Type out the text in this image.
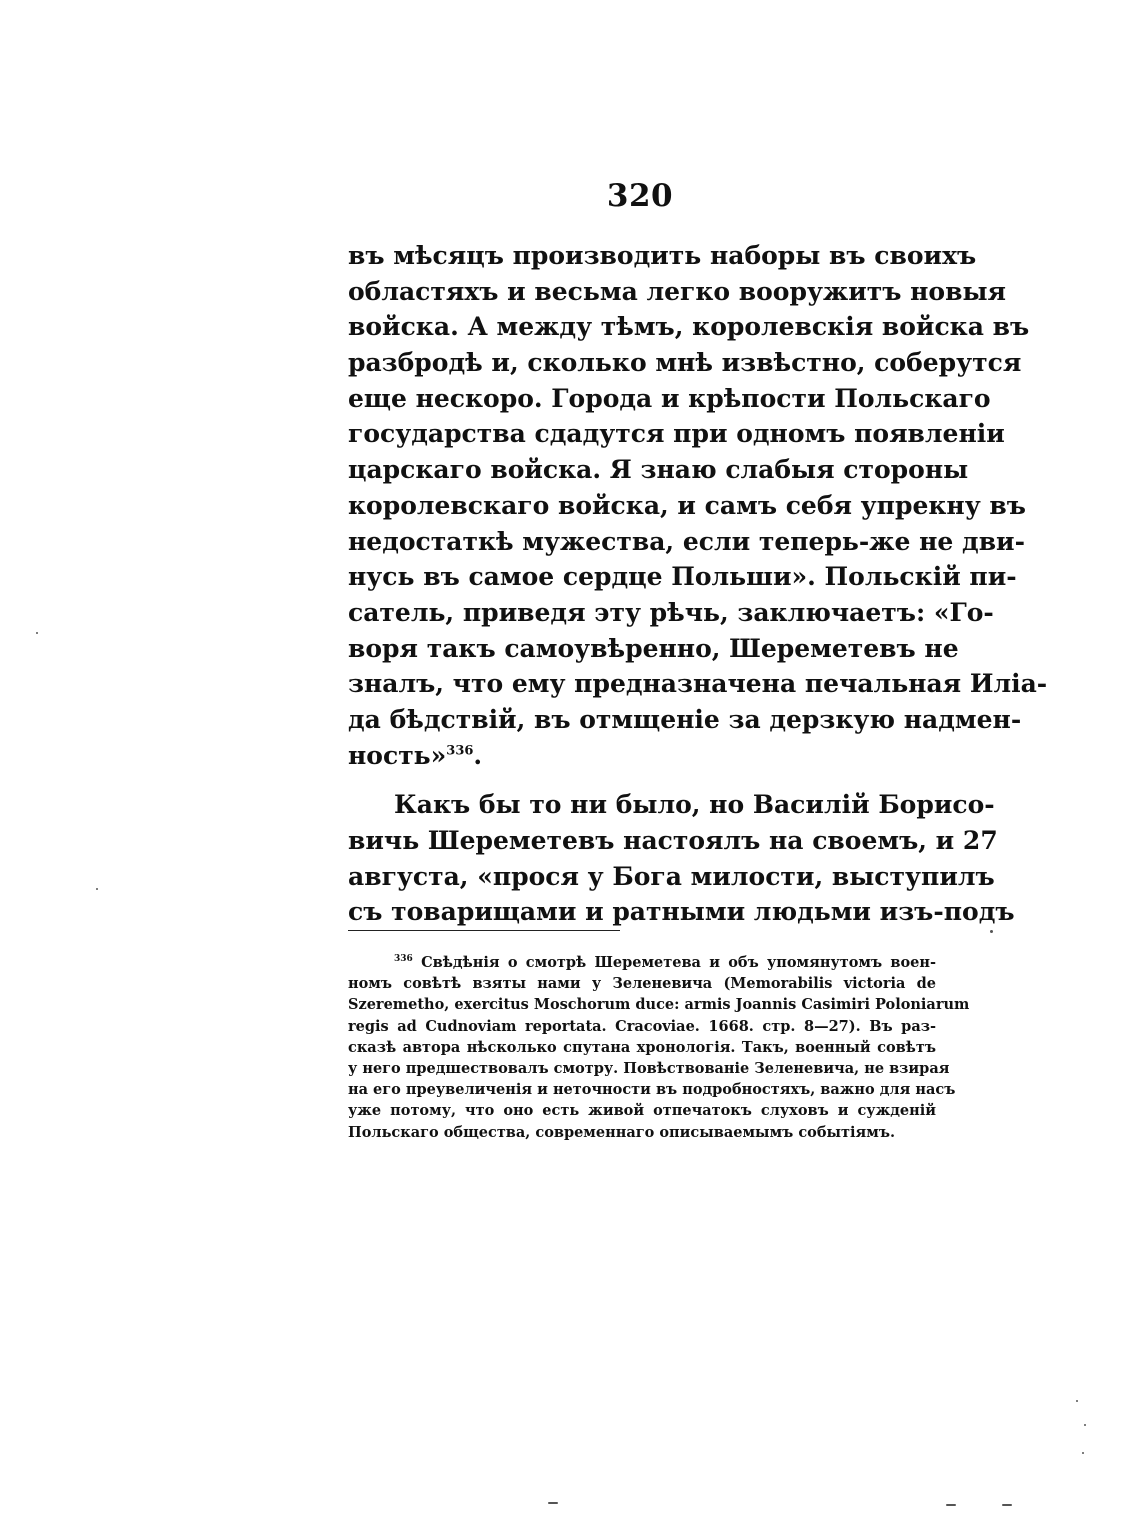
320
въ мѣсяцъ производить наборы въ своихъ
областяхъ и весьма легко вооружитъ новыя
войска. А между тѣмъ, королевскія войска въ
разбродѣ и, сколько мнѣ извѣстно, соберутся
еще нескоро. Города и крѣпости Польскаго
государства сдадутся при одномъ появленіи
царскаго войска. Я знаю слабыя стороны
королевскаго войска, и самъ себя упрекну въ
недостаткѣ мужества, если теперь-же не дви-
нусь въ самое сердце Польши». Польскій пи-
сатель, приведя эту рѣчь, заключаетъ: «Го-
воря такъ самоувѣренно, Шереметевъ не
зналъ, что ему предназначена печальная Иліа-
да бѣдствій, въ отмщеніе за дерзкую надмен-
ность»$^{336}$.
Какъ бы то ни было, но Василій Борисо-
вичь Шереметевъ настоялъ на своемъ, и 27
августа, «прося у Бога милости, выступилъ
съ товарищами и ратными людьми изъ-подъ
$^{336}$ Свѣдѣнія о смотрѣ Шереметева и объ упомянутомъ воен-
номъ совѣтѣ взяты нами у Зеленевича (Memorabilis victoria de
Szeremetho, exercitus Moschorum duce: armis Joannis Casimiri Poloniarum
regis ad Cudnoviam reportata. Cracoviae. 1668. стр. 8—27). Въ раз-
сказѣ автора нѣсколько спутана хронологія. Такъ, военный совѣтъ
у него предшествовалъ смотру. Повѣствованіе Зеленевича, не взирая
на его преувеличенія и неточности въ подробностяхъ, важно для насъ
уже потому, что оно есть живой отпечатокъ слуховъ и сужденій
Польскаго общества, современнаго описываемымъ событіямъ.
